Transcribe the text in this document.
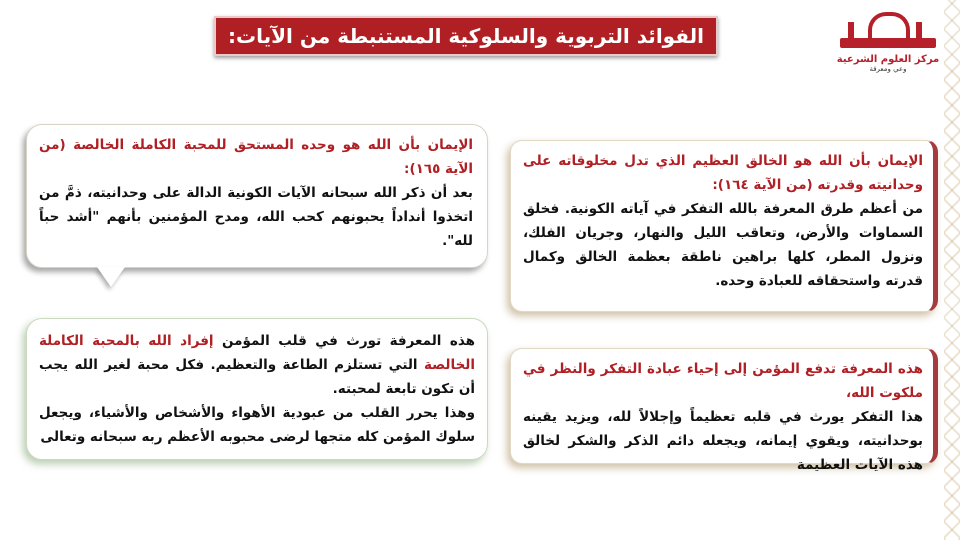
مركز العلوم الشرعية
وعي ومعرفة
الفوائد التربوية والسلوكية المستنبطة من الآيات:

الإيمان بأن الله هو وحده المستحق للمحبة الكاملة الخالصة (من الآية ١٦٥):

بعد أن ذكر الله سبحانه الآيات الكونية الدالة على وحدانيته، ذمَّ من اتخذوا أنداداً يحبونهم كحب الله، ومدح المؤمنين بأنهم "أشد حباً لله".

الإيمان بأن الله هو الخالق العظيم الذي تدل مخلوقاته على وحدانيته وقدرته (من الآية ١٦٤):

من أعظم طرق المعرفة بالله التفكر في آياته الكونية. فخلق السماوات والأرض، وتعاقب الليل والنهار، وجريان الفلك، ونزول المطر، كلها براهين ناطقة بعظمة الخالق وكمال قدرته واستحقاقه للعبادة وحده.

هذه المعرفة تورث في قلب المؤمن إفراد الله بالمحبة الكاملة الخالصة التي تستلزم الطاعة والتعظيم. فكل محبة لغير الله يجب أن تكون تابعة لمحبته.

وهذا يحرر القلب من عبودية الأهواء والأشخاص والأشياء، ويجعل سلوك المؤمن كله متجها لرضى محبوبه الأعظم ربه سبحانه وتعالى

هذه المعرفة تدفع المؤمن إلى إحياء عبادة التفكر والنظر في ملكوت الله،

هذا التفكر يورث في قلبه تعظيماً وإجلالاً لله، ويزيد يقينه بوحدانيته، ويقوي إيمانه، ويجعله دائم الذكر والشكر لخالق هذه الآيات العظيمة
